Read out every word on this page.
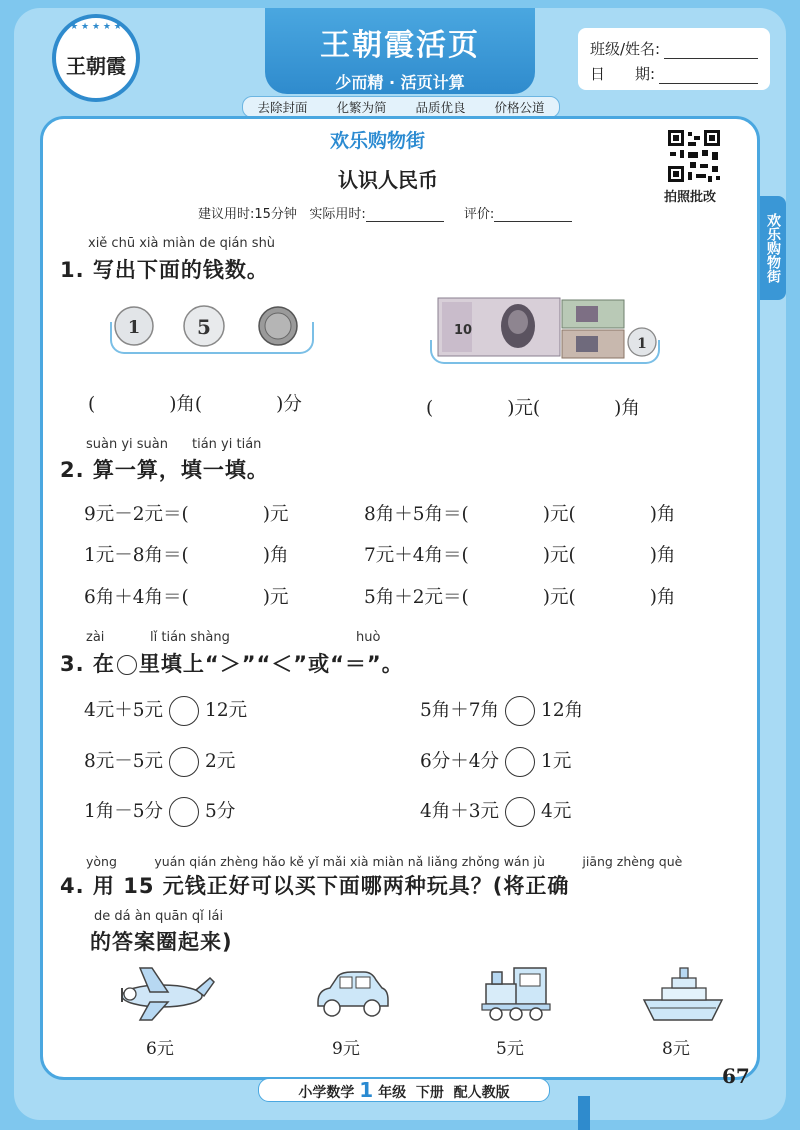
★ ★ ★ ★ ★
王朝霞
王朝霞活页
少而精 · 活页计算
班级/姓名:
日　　期:
去除封面 化繁为简 品质优良 价格公道
欢乐购物街
欢乐购物街
认识人民币
拍照批改
建议用时:15分钟 实际用时:	评价:
xiě chū xià miàn de qián shù
1. 写出下面的钱数。
1	5	10
1
(　　　　)角(　　　　)分	(　　　　)元(　　　　)角
suàn yi suàn tián yi tián
2. 算一算，填一填。
9元－2元＝(　　　　)元	8角＋5角＝(　　　　)元(　　　　)角
1元－8角＝(　　　　)角	7元＋4角＝(　　　　)元(　　　　)角
6角＋4角＝(　　　　)元	5角＋2元＝(　　　　)元(　　　　)角
zài	lǐ tián shàng	huò
3. 在 里填上“＞”“＜”或“＝”。
4元＋5元 12元	5角＋7角 12角
8元－5元 2元	6分＋4分 1元
1角－5分 5分	4角＋3元 4元
yòng　　　yuán qián zhèng hǎo kě yǐ mǎi xià miàn nǎ liǎng zhǒng wán jù　　　jiāng zhèng què
4. 用 15 元钱正好可以买下面哪两种玩具？(将正确
de dá àn quān qǐ lái
的答案圈起来)
6元	9元	5元	8元
小学数学 1 年级 下册 配人教版
67
